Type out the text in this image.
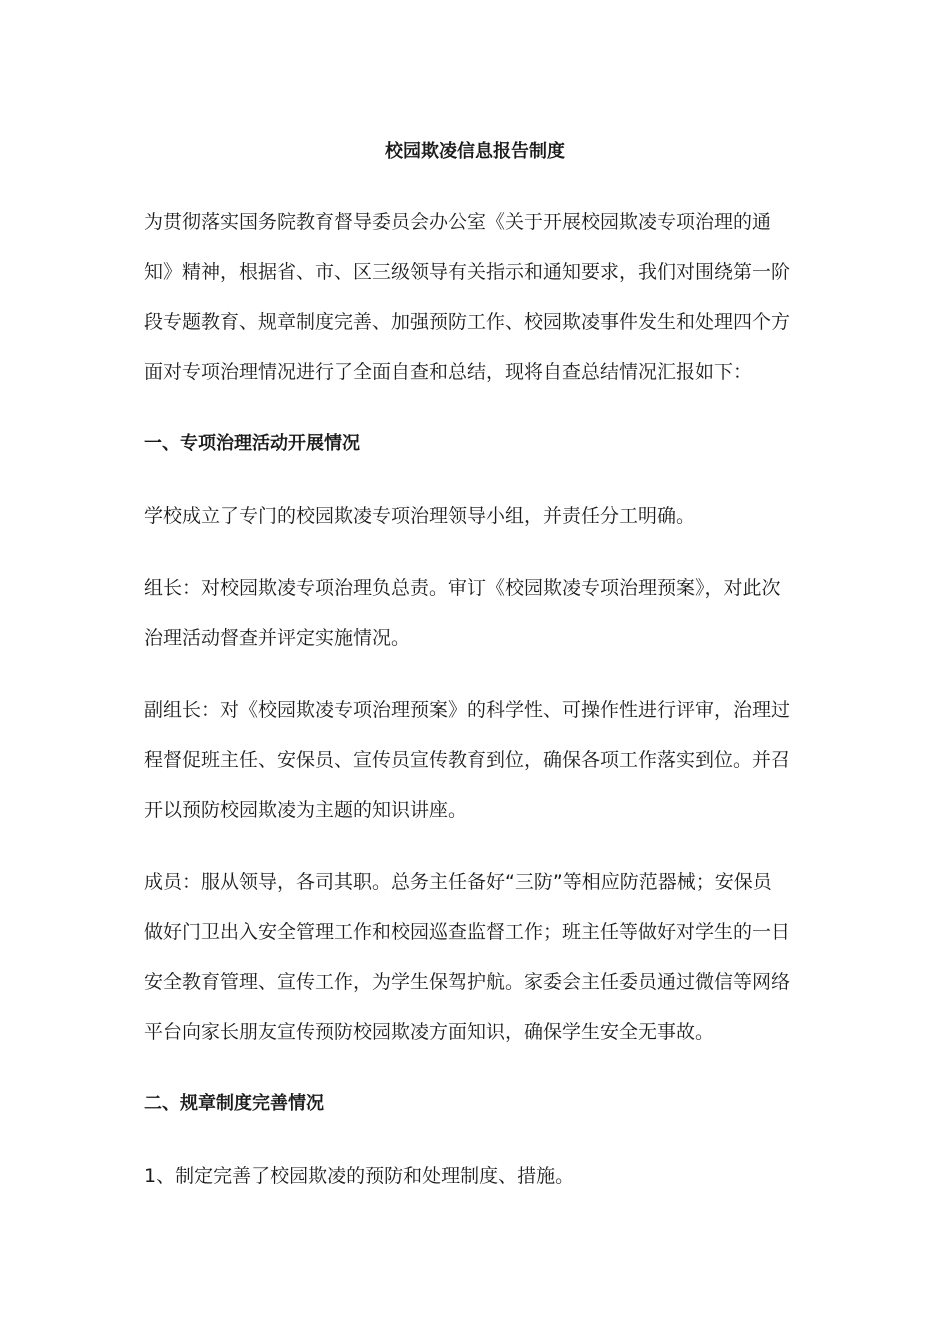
校园欺凌信息报告制度
为贯彻落实国务院教育督导委员会办公室《关于开展校园欺凌专项治理的通
知》精神，根据省、市、区三级领导有关指示和通知要求，我们对围绕第一阶
段专题教育、规章制度完善、加强预防工作、校园欺凌事件发生和处理四个方
面对专项治理情况进行了全面自查和总结，现将自查总结情况汇报如下：
一、专项治理活动开展情况
学校成立了专门的校园欺凌专项治理领导小组，并责任分工明确。
组长：对校园欺凌专项治理负总责。审订《校园欺凌专项治理预案》，对此次
治理活动督查并评定实施情况。
副组长：对《校园欺凌专项治理预案》的科学性、可操作性进行评审，治理过
程督促班主任、安保员、宣传员宣传教育到位，确保各项工作落实到位。并召
开以预防校园欺凌为主题的知识讲座。
成员：服从领导，各司其职。总务主任备好“三防”等相应防范器械；安保员
做好门卫出入安全管理工作和校园巡查监督工作；班主任等做好对学生的一日
安全教育管理、宣传工作，为学生保驾护航。家委会主任委员通过微信等网络
平台向家长朋友宣传预防校园欺凌方面知识，确保学生安全无事故。
二、规章制度完善情况
1、制定完善了校园欺凌的预防和处理制度、措施。
